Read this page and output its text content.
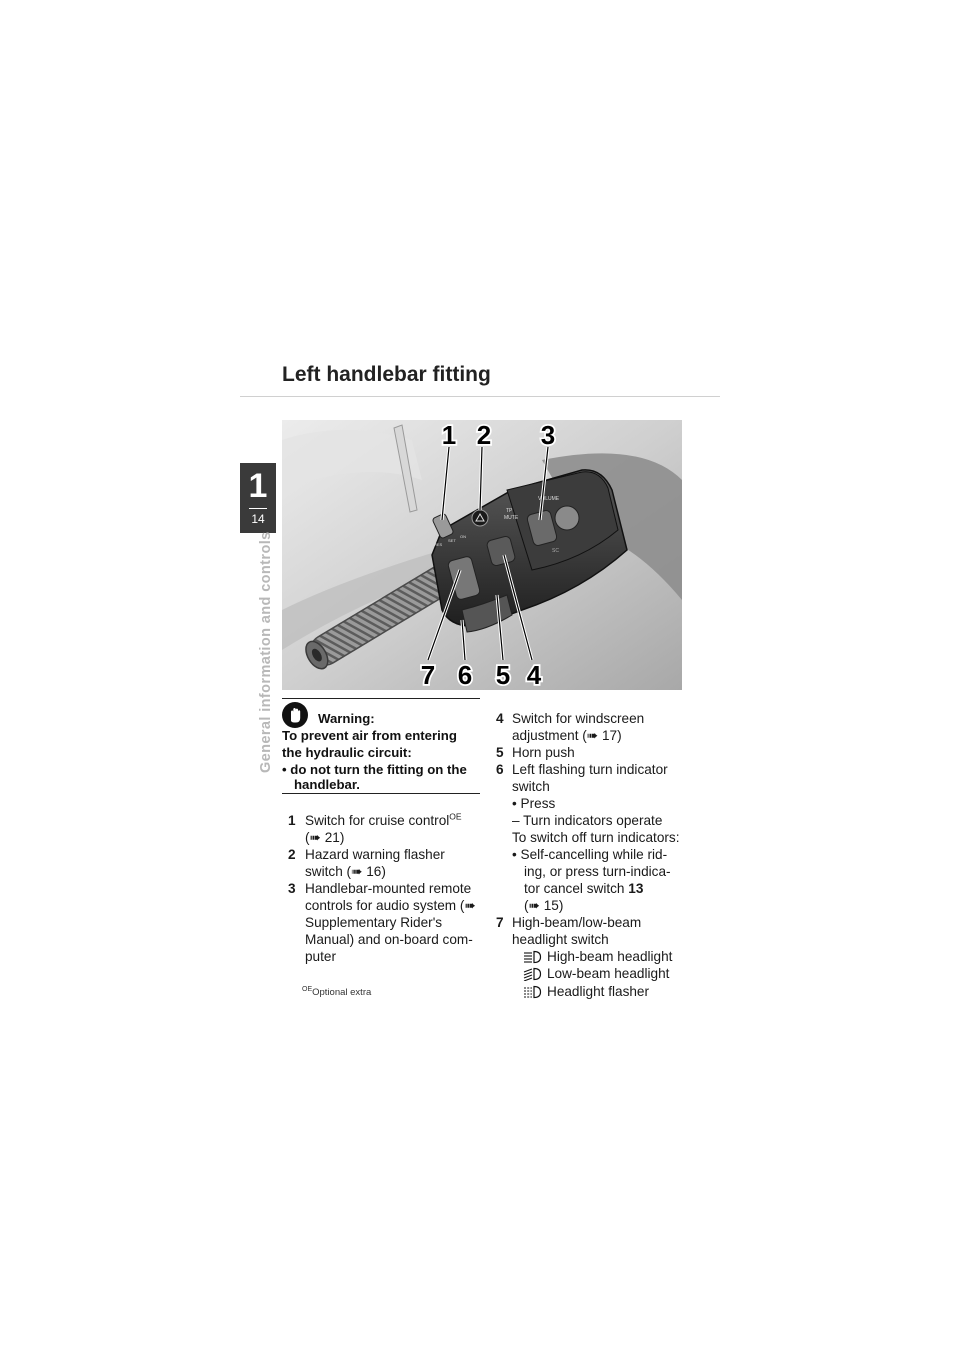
1
14
General information and controls
Left handlebar fitting
TP
MUTE
VOLUME
RES
SET
ON
SC
1 2 3
7 6 5 4
Warning:
To prevent air from entering
the hydraulic circuit:
• do not turn the fitting on the
handlebar.
1 Switch for cruise control$^{OE}$
(➠ 21)
2 Hazard warning flasher
switch (➠ 16)
3 Handlebar-mounted remote
controls for audio system (➠
Supplementary Rider's
Manual) and on-board com-
puter
$^{OE}$Optional extra
4 Switch for windscreen
adjustment (➠ 17)
5 Horn push
6 Left flashing turn indicator
switch
• Press
– Turn indicators operate
To switch off turn indicators:
• Self-cancelling while rid-
ing, or press turn-indica-
tor cancel switch 13
(➠ 15)
7 High-beam/low-beam
headlight switch
High-beam headlight
Low-beam headlight
Headlight flasher
